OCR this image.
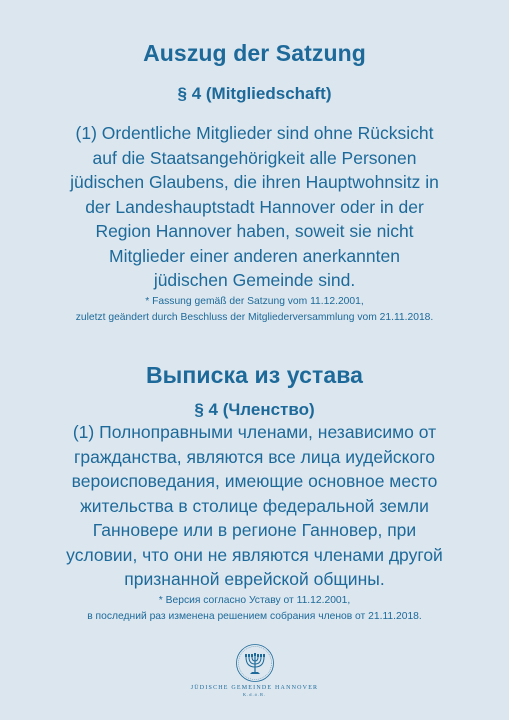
Auszug der Satzung
§ 4 (Mitgliedschaft)
(1) Ordentliche Mitglieder sind ohne Rücksicht
auf die Staatsangehörigkeit alle Personen
jüdischen Glaubens, die ihren Hauptwohnsitz in
der Landeshauptstadt Hannover oder in der
Region Hannover haben, soweit sie nicht
Mitglieder einer anderen anerkannten
jüdischen Gemeinde sind.
* Fassung gemäß der Satzung vom 11.12.2001,
zuletzt geändert durch Beschluss der Mitgliederversammlung vom 21.11.2018.
Выписка из устава
§ 4 (Членство)
(1) Полноправными членами, независимо от
гражданства, являются все лица иудейского
вероисповедания, имеющие основное место
жительства в столице федеральной земли
Ганновере или в регионе Ганновер, при
условии, что они не являются членами другой
признанной еврейской общины.
* Версия согласно Уставу от 11.12.2001,
в последний раз изменена решением собрания членов от 21.11.2018.
JÜDISCHE GEMEINDE HANNOVER
K.d.ö.R.
